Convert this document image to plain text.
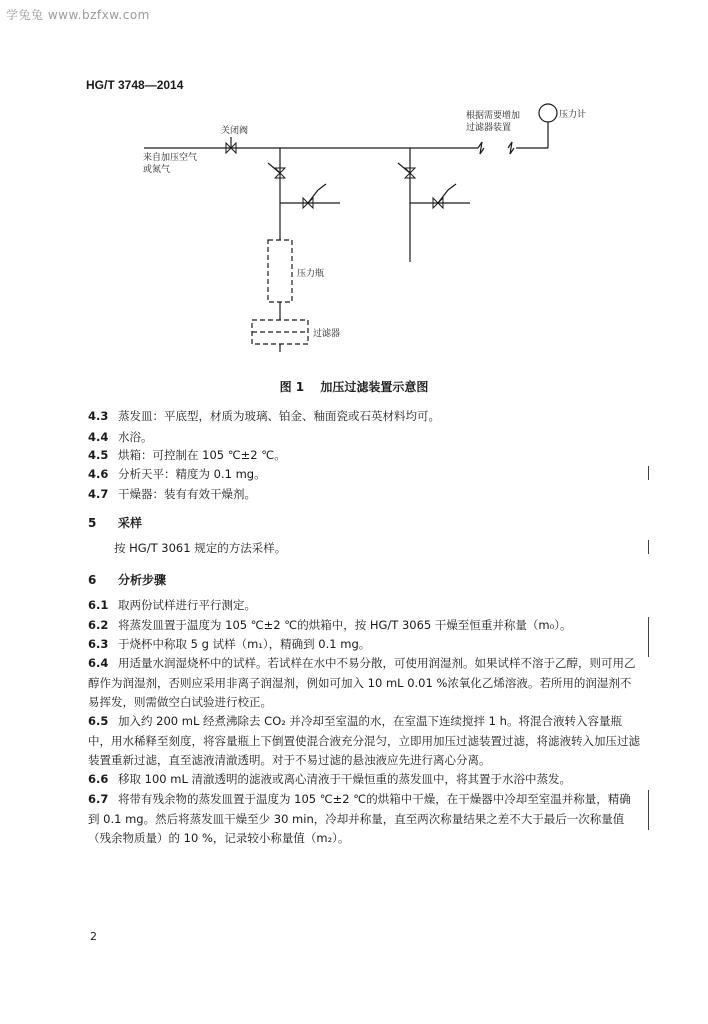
学兔兔 www.bzfxw.com
HG/T 3748—2014
关闭阀
来自加压空气
或氮气
根据需要增加
过滤器装置
压力计
压力瓶
过滤器
图 1 加压过滤装置示意图
4.3 蒸发皿：平底型，材质为玻璃、铂金、釉面瓷或石英材料均可。
4.4 水浴。
4.5 烘箱：可控制在 105 ℃±2 ℃。
4.6 分析天平：精度为 0.1 mg。
4.7 干燥器：装有有效干燥剂。
5 采样
按 HG/T 3061 规定的方法采样。
6 分析步骤
6.1 取两份试样进行平行测定。
6.2 将蒸发皿置于温度为 105 ℃±2 ℃的烘箱中，按 HG/T 3065 干燥至恒重并称量（m₀）。
6.3 于烧杯中称取 5 g 试样（m₁），精确到 0.1 mg。
6.4 用适量水润湿烧杯中的试样。若试样在水中不易分散，可使用润湿剂。如果试样不溶于乙醇，则可用乙醇作为润湿剂，否则应采用非离子润湿剂，例如可加入 10 mL 0.01 %浓氧化乙烯溶液。若所用的润湿剂不易挥发，则需做空白试验进行校正。
6.5 加入约 200 mL 经煮沸除去 CO₂ 并冷却至室温的水，在室温下连续搅拌 1 h。将混合液转入容量瓶中，用水稀释至刻度，将容量瓶上下倒置使混合液充分混匀，立即用加压过滤装置过滤，将滤液转入加压过滤装置重新过滤，直至滤液清澈透明。对于不易过滤的悬浊液应先进行离心分离。
6.6 移取 100 mL 清澈透明的滤液或离心清液于干燥恒重的蒸发皿中，将其置于水浴中蒸发。
6.7 将带有残余物的蒸发皿置于温度为 105 ℃±2 ℃的烘箱中干燥，在干燥器中冷却至室温并称量，精确到 0.1 mg。然后将蒸发皿干燥至少 30 min，冷却并称量，直至两次称量结果之差不大于最后一次称量值（残余物质量）的 10 %，记录较小称量值（m₂）。
2
